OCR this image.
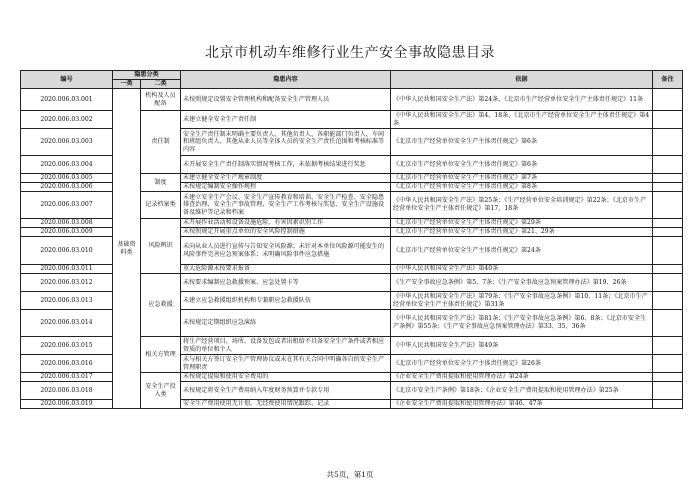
北京市机动车维修行业生产安全事故隐患目录
编号	隐患分类		隐患内容	依据	备注
	一类	二类			
2020.006.03.001	基础资料类	机构及人员配备	未按照规定设置安全管理机构和配备安全生产管理人员	《中华人民共和国安全生产法》第24条、《北京市生产经营单位安全生产主体责任规定》11条	
2020.006.03.002		责任制	未建立健全安全生产责任制	《中华人民共和国安全生产法》第4、18条、《北京市生产经营单位安全生产主体责任规定》第4条	
2020.006.03.003			安全生产责任制未明确主要负责人、其他负责人、各职能部门负责人、车间和班组负责人、其他从业人员等全体人员的安全生产责任范围和考核标准等内容	《北京市生产经营单位安全生产主体责任规定》第6条	
2020.006.03.004			未开展安全生产责任制落实情况考核工作，未依据考核结果进行奖惩	《北京市生产经营单位安全生产主体责任规定》第6条	
2020.006.03.005		制度	未建立健全安全生产规章制度	《北京市生产经营单位安全生产主体责任规定》第7条	
2020.006.03.006			未按规定编制安全操作规程	《北京市生产经营单位安全生产主体责任规定》第8条	
2020.006.03.007		记录档案类	未建立安全生产会议、安全生产宣传教育和培训、安全生产检查、安全隐患排查治理、安全生产事故管理、安全生产工作考核与奖惩、安全生产设施设备及维护等记录和档案	《中华人民共和国安全生产法》第25条；《生产经营单位安全培训规定》第22条；《北京市生产经营单位安全生产主体责任规定》第17、18条	
2020.006.03.008		风险辨识	未开展作业活动和设备设施危险、有害因素识别工作	《北京市生产经营单位安全生产主体责任规定》第29条	
2020.006.03.009			未按照规定开展重点单位的安全风险控制措施	《北京市生产经营单位安全生产主体责任规定》第21、29条	
2020.006.03.010			未向从业人员进行宣传与告知安全风险源；未针对本单位风险源可能发生的风险事件完善应急预案体系；未明确风险事件应急措施	《北京市生产经营单位安全生产主体责任规定》第24条	
2020.006.03.011			重大危险源未按要求报备	《中华人民共和国安全生产法》第40条	
2020.006.03.012		应急救援	未按要求编制应急救援预案、应急处置卡等	《生产安全事故应急条例》第5、7条；《生产安全事故应急预案管理办法》第19、26条	
2020.006.03.013			未建立应急救援组织机构和专兼职应急救援队伍	《中华人民共和国安全生产法》第79条；《生产安全事故应急条例》第10、11条；《北京市生产经营单位安全生产主体责任规定》第31条	
2020.006.03.014			未按规定定期组织应急演练	《中华人民共和国安全生产法》第81条；《生产安全事故应急条例》第6、8条；《北京市安全生产条例》第55条；《生产安全事故应急预案管理办法》第33、35、36条	
2020.006.03.015		相关方管理	将生产经营项目、场所、设备发包或者出租给不具备安全生产条件或者相应资质的单位和个人	《中华人民共和国安全生产法》第49条	
2020.006.03.016			未与相关方签订安全生产管理协议或未在其有关合同中明确各自的安全生产管理职责	《北京市生产经营单位安全生产主体责任规定》第26条	
2020.006.03.017		安全生产投入类	未按规定提取和使用安全费用的	《企业安全生产费用提取和使用管理办法》第24条	
2020.006.03.018			未按规定将安全生产费用纳入年度财务预算并专款专用	《北京市安全生产条例》第18条；《企业安全生产费用提取和使用管理办法》第25条	
2020.006.03.019			安全生产费用使用无计划，无经费使用情况跟踪、记录	《企业安全生产费用提取和使用管理办法》第46、47条	
共5页，第1页
